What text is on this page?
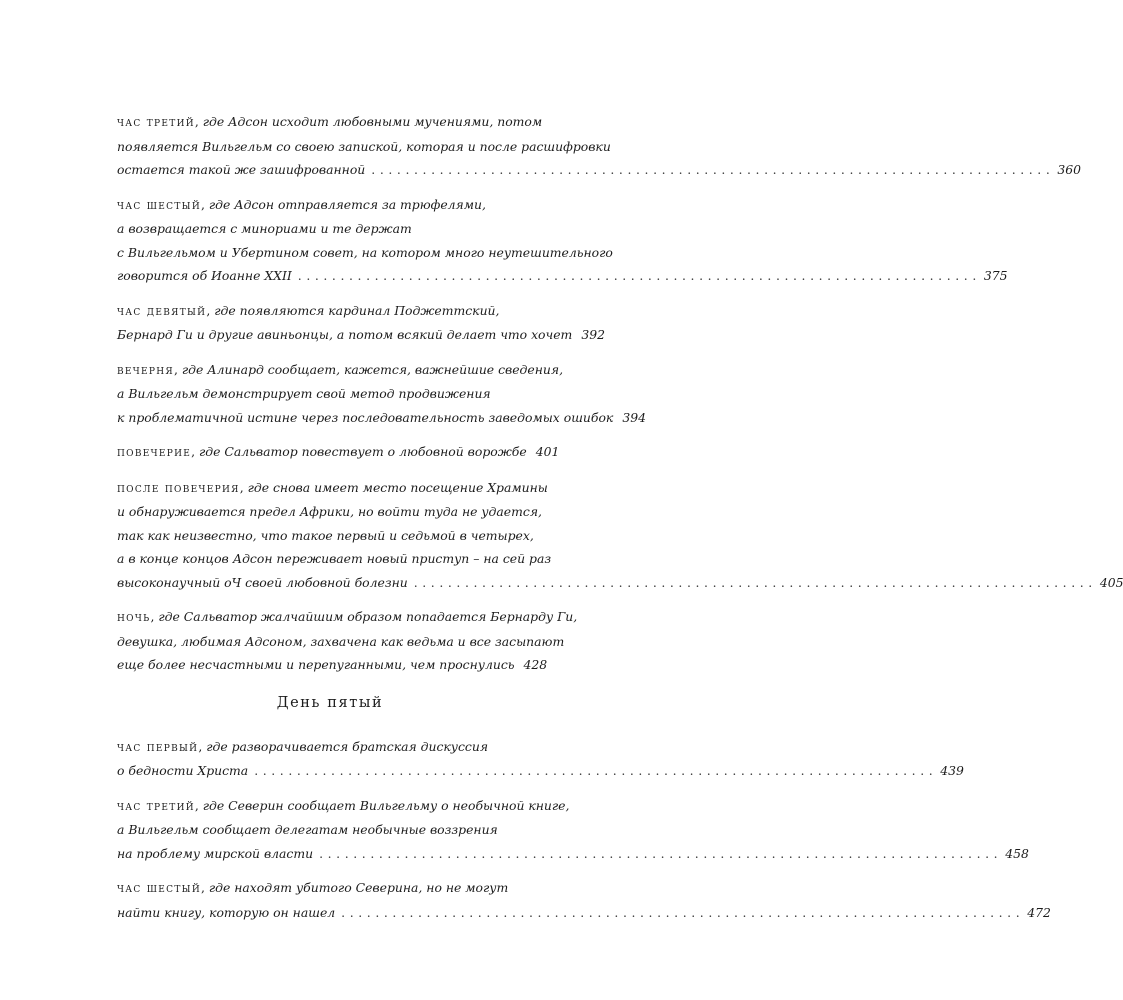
час третий , где Адсон исходит любовными мучениями, потом
появляется Вильгельм со своею запиской, которая и после расшифровки
остается такой же зашифрованной ................................................................................ 360
час шестый , где Адсон отправляется за трюфелями,
а возвращается с минориами и те держат
с Вильгельмом и Убертином совет, на котором много неутешительного
говорится об Иоанне XXII ................................................................................ 375
час девятый , где появляются кардинал Поджеттский,
Бернард Ги и другие авиньонцы, а потом всякий делает что хочет 392
вечерня , где Алинард сообщает, кажется, важнейшие сведения,
а Вильгельм демонстрирует свой метод продвижения
к проблематичной истине через последовательность заведомых ошибок 394
повечерие , где Сальватор повествует о любовной ворожбе 401
после повечерия , где снова имеет место посещение Храмины
и обнаруживается предел Африки, но войти туда не удается,
так как неизвестно, что такое первый и седьмой в четырех,
а в конце концов Адсон переживает новый приступ – на сей раз
высоконаучный оЧ своей любовной болезни ................................................................................ 405
ночь , где Сальватор жалчайшим образом попадается Бернарду Ги,
девушка, любимая Адсоном, захвачена как ведьма и все засыпают
еще более несчастными и перепуганными, чем проснулись 428
День пятый
час первый , где разворачивается братская дискуссия
о бедности Христа ................................................................................ 439
час третий , где Северин сообщает Вильгельму о необычной книге,
а Вильгельм сообщает делегатам необычные воззрения
на проблему мирской власти ................................................................................ 458
час шестый , где находят убитого Северина, но не могут
найти книгу, которую он нашел ................................................................................ 472
